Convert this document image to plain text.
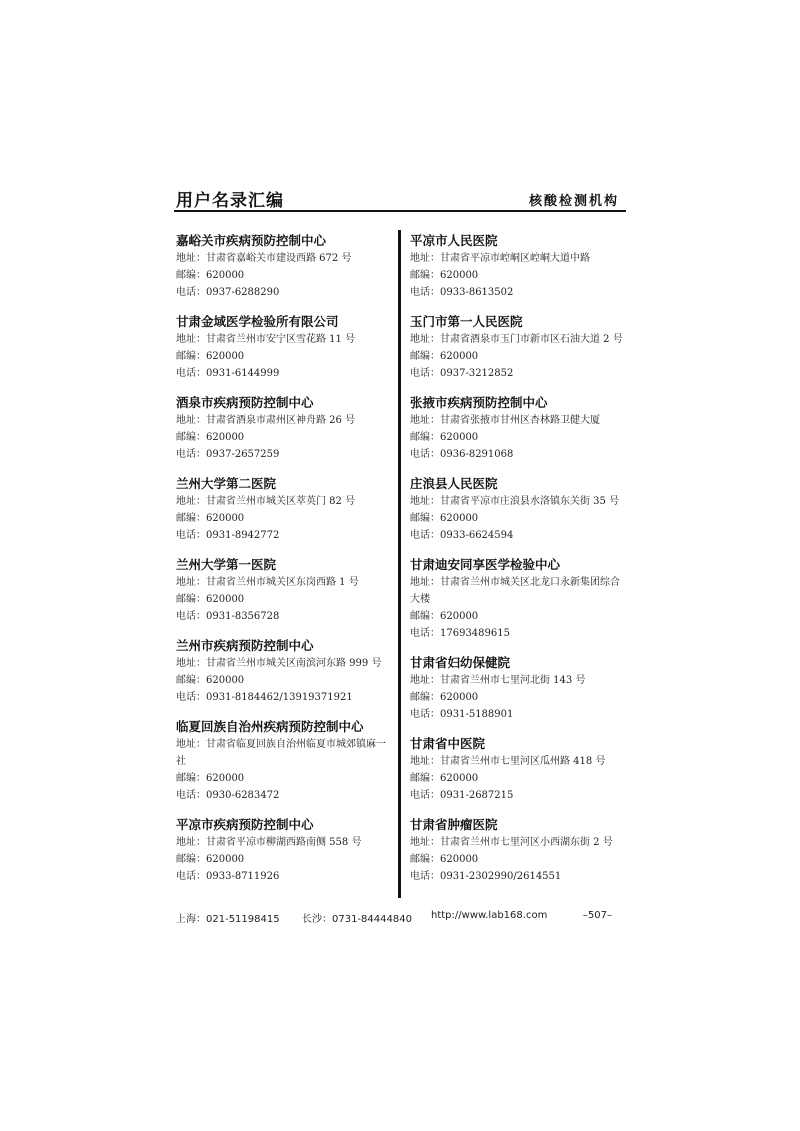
用户名录汇编	核酸检测机构
嘉峪关市疾病预防控制中心
地址：甘肃省嘉峪关市建设西路 672 号
邮编：620000
电话：0937-6288290
甘肃金域医学检验所有限公司
地址：甘肃省兰州市安宁区雪花路 11 号
邮编：620000
电话：0931-6144999
酒泉市疾病预防控制中心
地址：甘肃省酒泉市肃州区神舟路 26 号
邮编：620000
电话：0937-2657259
兰州大学第二医院
地址：甘肃省兰州市城关区萃英门 82 号
邮编：620000
电话：0931-8942772
兰州大学第一医院
地址：甘肃省兰州市城关区东岗西路 1 号
邮编：620000
电话：0931-8356728
兰州市疾病预防控制中心
地址：甘肃省兰州市城关区南滨河东路 999 号
邮编：620000
电话：0931-8184462/13919371921
临夏回族自治州疾病预防控制中心
地址：甘肃省临夏回族自治州临夏市城郊镇麻一社
邮编：620000
电话：0930-6283472
平凉市疾病预防控制中心
地址：甘肃省平凉市柳湖西路南侧 558 号
邮编：620000
电话：0933-8711926
平凉市人民医院
地址：甘肃省平凉市崆峒区崆峒大道中路
邮编：620000
电话：0933-8613502
玉门市第一人民医院
地址：甘肃省酒泉市玉门市新市区石油大道 2 号
邮编：620000
电话：0937-3212852
张掖市疾病预防控制中心
地址：甘肃省张掖市甘州区杏林路卫健大厦
邮编：620000
电话：0936-8291068
庄浪县人民医院
地址：甘肃省平凉市庄浪县水洛镇东关街 35 号
邮编：620000
电话：0933-6624594
甘肃迪安同享医学检验中心
地址：甘肃省兰州市城关区北龙口永新集团综合大楼
邮编：620000
电话：17693489615
甘肃省妇幼保健院
地址：甘肃省兰州市七里河北街 143 号
邮编：620000
电话：0931-5188901
甘肃省中医院
地址：甘肃省兰州市七里河区瓜州路 418 号
邮编：620000
电话：0931-2687215
甘肃省肿瘤医院
地址：甘肃省兰州市七里河区小西湖东街 2 号
邮编：620000
电话：0931-2302990/2614551
上海：021-51198415 长沙：0731-84444840 http://www.lab168.com	–507–
